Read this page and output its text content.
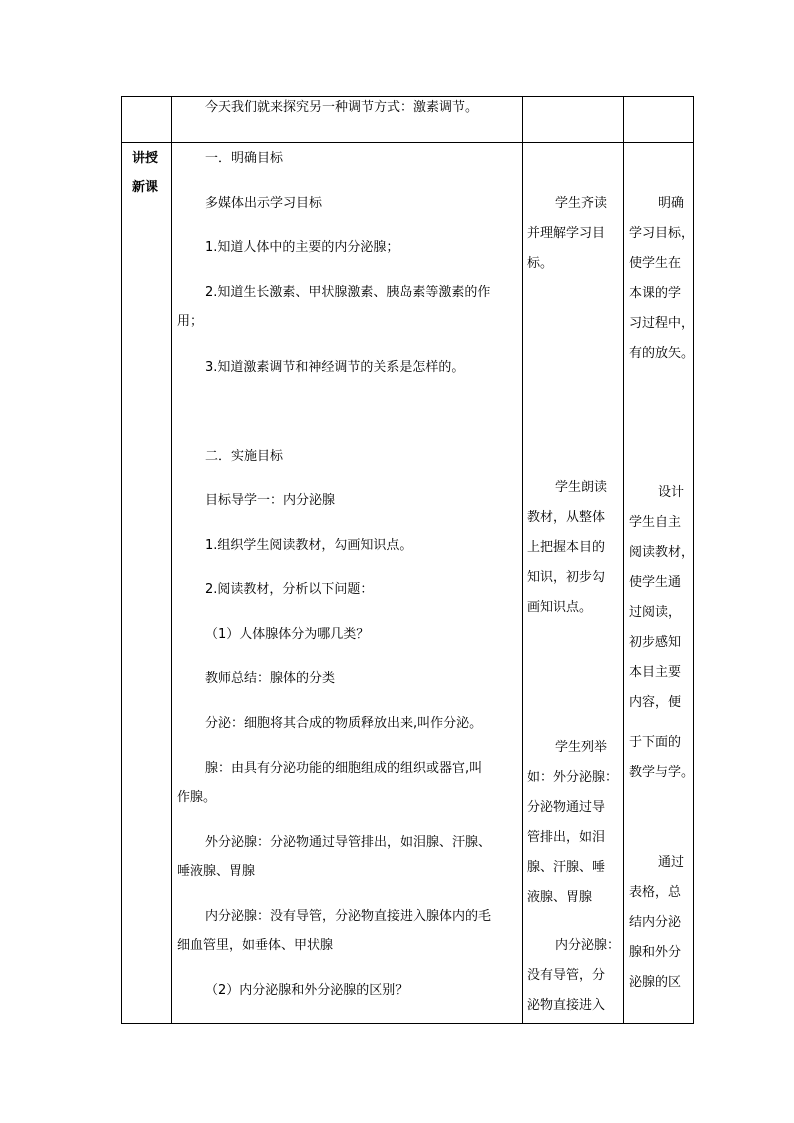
今天我们就来探究另一种调节方式：激素调节。
讲授
新课
一．明确目标
多媒体出示学习目标
1.知道人体中的主要的内分泌腺；
2.知道生长激素、甲状腺激素、胰岛素等激素的作
用；
3.知道激素调节和神经调节的关系是怎样的。
二．实施目标
目标导学一：内分泌腺
1.组织学生阅读教材，勾画知识点。
2.阅读教材，分析以下问题：
（1）人体腺体分为哪几类？
教师总结：腺体的分类
分泌：细胞将其合成的物质释放出来,叫作分泌。
腺：由具有分泌功能的细胞组成的组织或器官,叫
作腺。
外分泌腺：分泌物通过导管排出，如泪腺、汗腺、
唾液腺、胃腺
内分泌腺：没有导管，分泌物直接进入腺体内的毛
细血管里，如垂体、甲状腺
（2）内分泌腺和外分泌腺的区别？
学生齐读
并理解学习目
标。
学生朗读
教材，从整体
上把握本目的
知识，初步勾
画知识点。
学生列举
如：外分泌腺：
分泌物通过导
管排出，如泪
腺、汗腺、唾
液腺、胃腺
内分泌腺：
没有导管，分
泌物直接进入
明确
学习目标，
使学生在
本课的学
习过程中，
有的放矢。
设计
学生自主
阅读教材，
使学生通
过阅读，
初步感知
本目主要
内容，便
于下面的
教学与学。
通过
表格，总
结内分泌
腺和外分
泌腺的区
